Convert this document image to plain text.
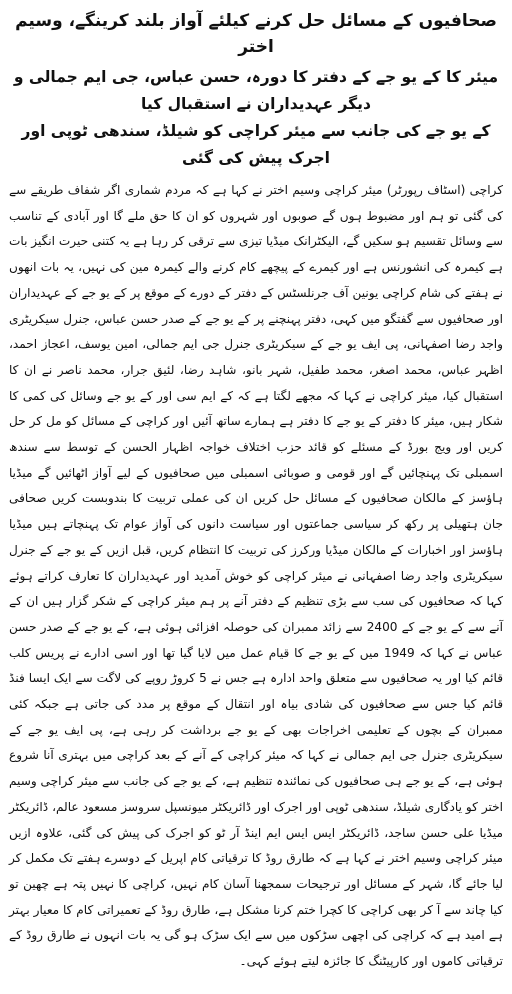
صحافیوں کے مسائل حل کرنے کیلئے آواز بلند کرینگے، وسیم اختر
میئر کا کے یو جے کے دفتر کا دورہ، حسن عباس، جی ایم جمالی و دیگر عہدیداران نے استقبال کیا
کے یو جے کی جانب سے میئر کراچی کو شیلڈ، سندھی ٹوپی اور اجرک پیش کی گئی

کراچی (اسٹاف رپورٹر) میئر کراچی وسیم اختر نے کہا ہے کہ مردم شماری اگر شفاف طریقے سے کی گئی تو ہم اور مضبوط ہوں گے صوبوں اور شہروں کو ان کا حق ملے گا اور آبادی کے تناسب سے وسائل تقسیم ہو سکیں گے، الیکٹرانک میڈیا تیزی سے ترقی کر رہا ہے یہ کتنی حیرت انگیز بات ہے کیمرہ کی انشورنس ہے اور کیمرے کے پیچھے کام کرنے والے کیمرہ مین کی نہیں، یہ بات انھوں نے ہفتے کی شام کراچی یونین آف جرنلسٹس کے دفتر کے دورے کے موقع پر کے یو جے کے عہدیداران اور صحافیوں سے گفتگو میں کہی، دفتر پہنچنے پر کے یو جے کے صدر حسن عباس، جنرل سیکریٹری واجد رضا اصفہانی، پی ایف یو جے کے سیکریٹری جنرل جی ایم جمالی، امین یوسف، اعجاز احمد، اظہر عباس، محمد اصغر، محمد طفیل، شہر بانو، شاہد رضا، لئیق جرار، محمد ناصر نے ان کا استقبال کیا، میئر کراچی نے کہا کہ مجھے لگتا ہے کہ کے ایم سی اور کے یو جے وسائل کی کمی کا شکار ہیں، میئر کا دفتر کے یو جے کا دفتر ہے ہمارے ساتھ آئیں اور کراچی کے مسائل کو مل کر حل کریں اور ویج بورڈ کے مسئلے کو قائد حزب اختلاف خواجہ اظہار الحسن کے توسط سے سندھ اسمبلی تک پہنچائیں گے اور قومی و صوبائی اسمبلی میں صحافیوں کے لیے آواز اٹھائیں گے میڈیا ہاؤسز کے مالکان صحافیوں کے مسائل حل کریں ان کی عملی تربیت کا بندوبست کریں صحافی جان ہتھیلی پر رکھ کر سیاسی جماعتوں اور سیاست دانوں کی آواز عوام تک پہنچاتے ہیں میڈیا ہاؤسز اور اخبارات کے مالکان میڈیا ورکرز کی تربیت کا انتظام کریں، قبل ازیں کے یو جے کے جنرل سیکریٹری واجد رضا اصفہانی نے میئر کراچی کو خوش آمدید اور عہدیداران کا تعارف کراتے ہوئے کہا کہ صحافیوں کی سب سے بڑی تنظیم کے دفتر آنے پر ہم میئر کراچی کے شکر گزار ہیں ان کے آنے سے کے یو جے کے 2400 سے زائد ممبران کی حوصلہ افزائی ہوئی ہے، کے یو جے کے صدر حسن عباس نے کہا کہ 1949 میں کے یو جے کا قیام عمل میں لایا گیا تھا اور اسی ادارے نے پریس کلب قائم کیا اور یہ صحافیوں سے متعلق واحد ادارہ ہے جس نے 5 کروڑ روپے کی لاگت سے ایک ایسا فنڈ قائم کیا جس سے صحافیوں کی شادی بیاہ اور انتقال کے موقع پر مدد کی جاتی ہے جبکہ کئی ممبران کے بچوں کے تعلیمی اخراجات بھی کے یو جے برداشت کر رہی ہے، پی ایف یو جے کے سیکریٹری جنرل جی ایم جمالی نے کہا کہ میئر کراچی کے آنے کے بعد کراچی میں بہتری آنا شروع ہوئی ہے، کے یو جے ہی صحافیوں کی نمائندہ تنظیم ہے، کے یو جے کی جانب سے میئر کراچی وسیم اختر کو یادگاری شیلڈ، سندھی ٹوپی اور اجرک اور ڈائریکٹر میونسپل سروسز مسعود عالم، ڈائریکٹر میڈیا علی حسن ساجد، ڈائریکٹر ایس ایس ایم اینڈ آر ٹو کو اجرک کی پیش کی گئی، علاوہ ازیں میئر کراچی وسیم اختر نے کہا ہے کہ طارق روڈ کا ترقیاتی کام اپریل کے دوسرے ہفتے تک مکمل کر لیا جائے گا، شہر کے مسائل اور ترجیحات سمجھنا آسان کام نہیں، کراچی کا نہیں پتہ ہے چھین تو کیا چاند سے آ کر بھی کراچی کا کچرا ختم کرنا مشکل ہے، طارق روڈ کے تعمیراتی کام کا معیار بہتر ہے امید ہے کہ کراچی کی اچھی سڑکوں میں سے ایک سڑک ہو گی یہ بات انہوں نے طارق روڈ کے ترقیاتی کاموں اور کارپیٹنگ کا جائزہ لیتے ہوئے کہی۔
